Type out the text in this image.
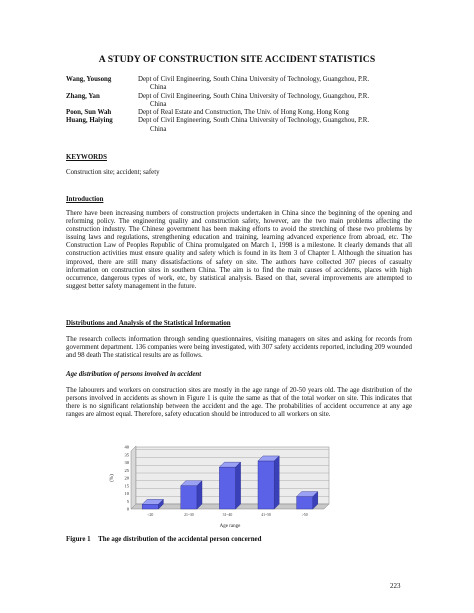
A STUDY OF CONSTRUCTION SITE ACCIDENT STATISTICS
Wang, Yousong	Dept of Civil Engineering, South China University of Technology, Guangzhou, P.R.
China
Zhang, Yan	Dept of Civil Engineering, South China University of Technology, Guangzhou, P.R.
China
Poon, Sun Wah	Dept of Real Estate and Construction, The Univ. of Hong Kong, Hong Kong
Huang, Haiying	Dept of Civil Engineering, South China University of Technology, Guangzhou, P.R.
China
KEYWORDS
Construction site; accident; safety
Introduction
There have been increasing numbers of construction projects undertaken in China since the beginning of the opening and reforming policy. The engineering quality and construction safety, however, are the two main problems affecting the construction industry. The Chinese government has been making efforts to avoid the stretching of these two problems by issuing laws and regulations, strengthening education and training, learning advanced experience from abroad, etc. The Construction Law of Peoples Republic of China promulgated on March 1, 1998 is a milestone. It clearly demands that all construction activities must ensure quality and safety which is found in its Item 3 of Chapter I. Although the situation has improved, there are still many dissatisfactions of safety on site. The authors have collected 307 pieces of casualty information on construction sites in southern China. The aim is to find the main causes of accidents, places with high occurrence, dangerous types of work, etc, by statistical analysis. Based on that, several improvements are attempted to suggest better safety management in the future.
Distributions and Analysis of the Statistical Information
The research collects information through sending questionnaires, visiting managers on sites and asking for records from government department. 136 companies were being investigated, with 307 safety accidents reported, including 209 wounded and 98 death The statistical results are as follows.
Age distribution of persons involved in accident
The labourers and workers on construction sites are mostly in the age range of 20-50 years old. The age distribution of the persons involved in accidents as shown in Figure 1 is quite the same as that of the total worker on site. This indicates that there is no significant relationship between the accident and the age. The probabilities of accident occurrence at any age ranges are almost equal. Therefore, safety education should be introduced to all workers on site.
0
5
10
15
20
25
30
35
40
(%)
<20	21~30	31~40	41~50	>50
Age range
Figure 1 The age distribution of the accidental person concerned
223
